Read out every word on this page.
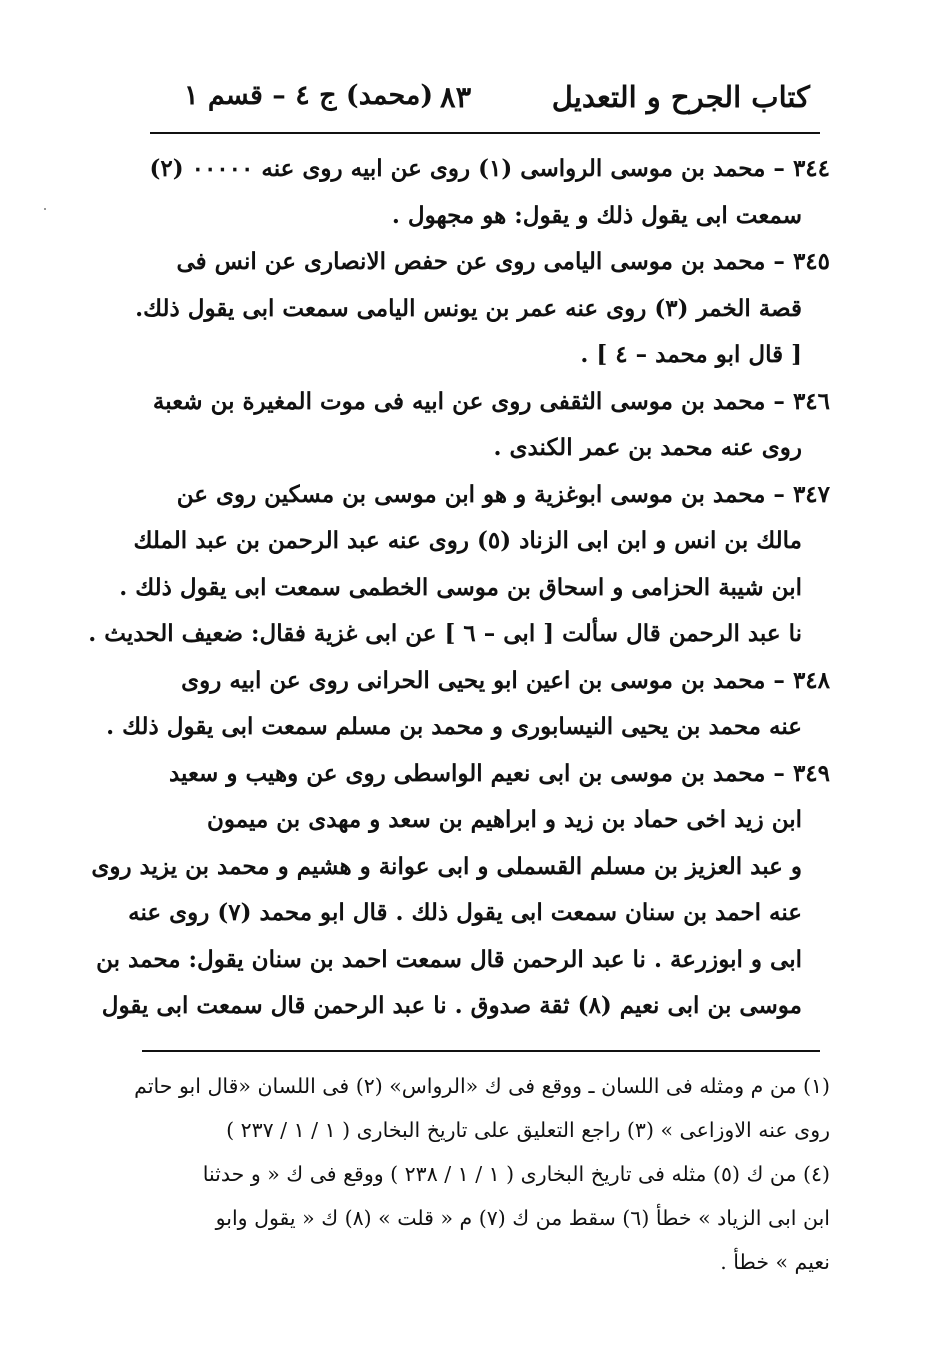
كتاب الجرح و التعديل
٨٣
(محمد) ج ٤ – قسم ١
٣٤٤ – محمد بن موسى الرواسى (١) روى عن ابيه روى عنه ٠٠٠٠٠ (٢)
سمعت ابى يقول ذلك و يقول: هو مجهول .
٣٤٥ – محمد بن موسى اليامى روى عن حفص الانصارى عن انس فى
قصة الخمر (٣) روى عنه عمر بن يونس اليامى سمعت ابى يقول ذلك.
[ قال ابو محمد – ٤ ] .
٣٤٦ – محمد بن موسى الثقفى روى عن ابيه فى موت المغيرة بن شعبة
روى عنه محمد بن عمر الكندى .
٣٤٧ – محمد بن موسى ابوغزية و هو ابن موسى بن مسكين روى عن
مالك بن انس و ابن ابى الزناد (٥) روى عنه عبد الرحمن بن عبد الملك
ابن شيبة الحزامى و اسحاق بن موسى الخطمى سمعت ابى يقول ذلك .
نا عبد الرحمن قال سألت [ ابى – ٦ ] عن ابى غزية فقال: ضعيف الحديث .
٣٤٨ – محمد بن موسى بن اعين ابو يحيى الحرانى روى عن ابيه روى
عنه محمد بن يحيى النيسابورى و محمد بن مسلم سمعت ابى يقول ذلك .
٣٤٩ – محمد بن موسى بن ابى نعيم الواسطى روى عن وهيب و سعيد
ابن زيد اخى حماد بن زيد و ابراهيم بن سعد و مهدى بن ميمون
و عبد العزيز بن مسلم القسملى و ابى عوانة و هشيم و محمد بن يزيد روى
عنه احمد بن سنان سمعت ابى يقول ذلك . قال ابو محمد (٧) روى عنه
ابى و ابوزرعة . نا عبد الرحمن قال سمعت احمد بن سنان يقول: محمد بن
موسى بن ابى نعيم (٨) ثقة صدوق . نا عبد الرحمن قال سمعت ابى يقول
(١) من م ومثله فى اللسان ـ ووقع فى ك «الرواس» (٢) فى اللسان «قال ابو حاتم
روى عنه الاوزاعى » (٣) راجع التعليق على تاريخ البخارى ( ١ / ١ / ٢٣٧ )
(٤) من ك (٥) مثله فى تاريخ البخارى ( ١ / ١ / ٢٣٨ ) ووقع فى ك « و حدثنا
ابن ابى الزياد » خطأ (٦) سقط من ك (٧) م « قلت » (٨) ك « يقول وابو
نعيم » خطأ .
